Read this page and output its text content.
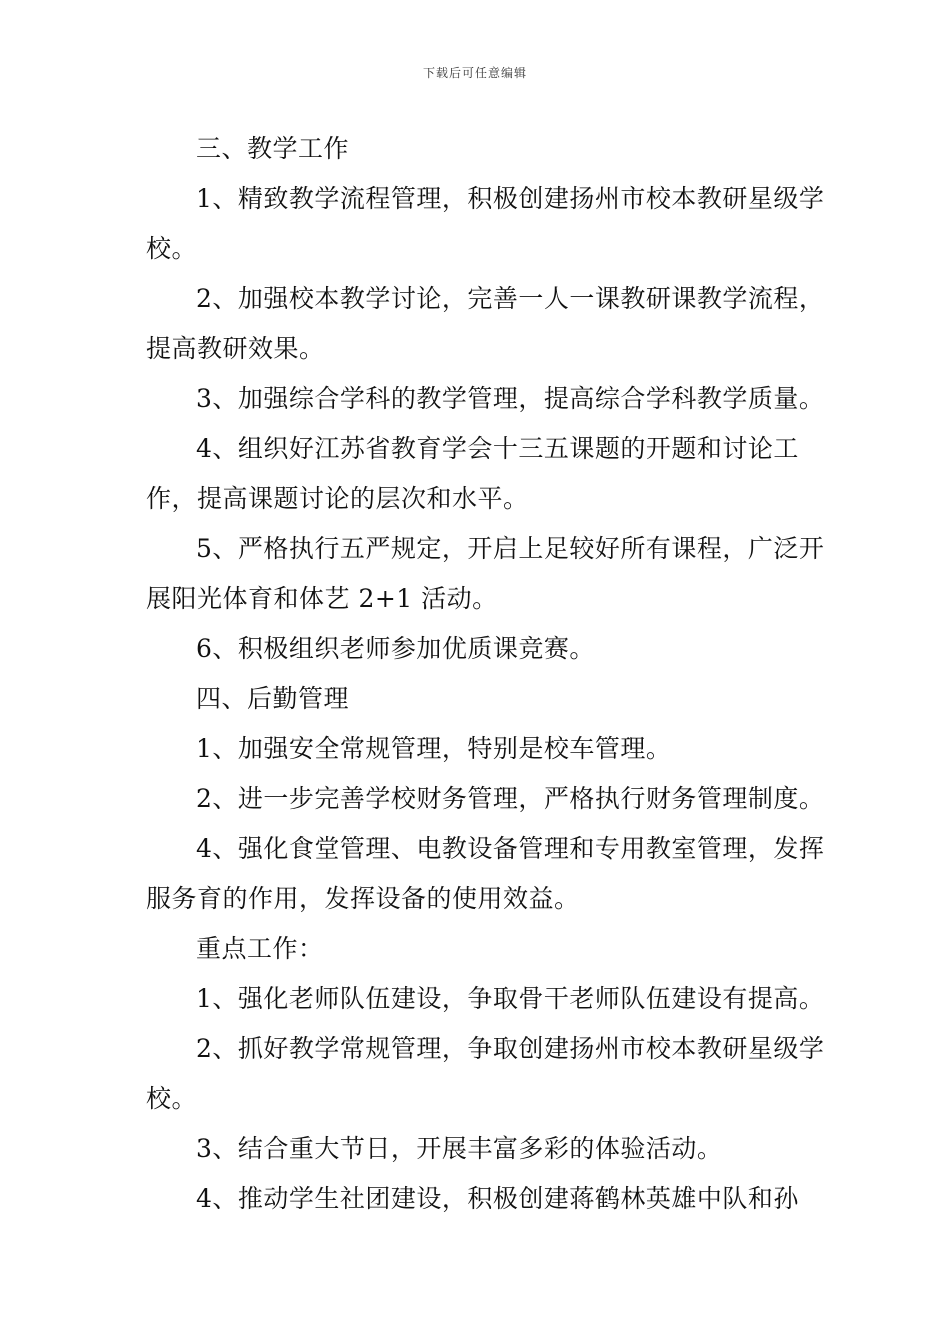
下载后可任意编辑

三、教学工作

1、精致教学流程管理，积极创建扬州市校本教研星级学校。

2、加强校本教学讨论，完善一人一课教研课教学流程，提高教研效果。

3、加强综合学科的教学管理，提高综合学科教学质量。

4、组织好江苏省教育学会十三五课题的开题和讨论工作，提高课题讨论的层次和水平。

5、严格执行五严规定，开启上足较好所有课程，广泛开展阳光体育和体艺 2+1 活动。

6、积极组织老师参加优质课竞赛。

四、后勤管理

1、加强安全常规管理，特别是校车管理。

2、进一步完善学校财务管理，严格执行财务管理制度。

4、强化食堂管理、电教设备管理和专用教室管理，发挥服务育的作用，发挥设备的使用效益。

重点工作：

1、强化老师队伍建设，争取骨干老师队伍建设有提高。

2、抓好教学常规管理，争取创建扬州市校本教研星级学校。

3、结合重大节日，开展丰富多彩的体验活动。

4、推动学生社团建设，积极创建蒋鹤林英雄中队和孙
